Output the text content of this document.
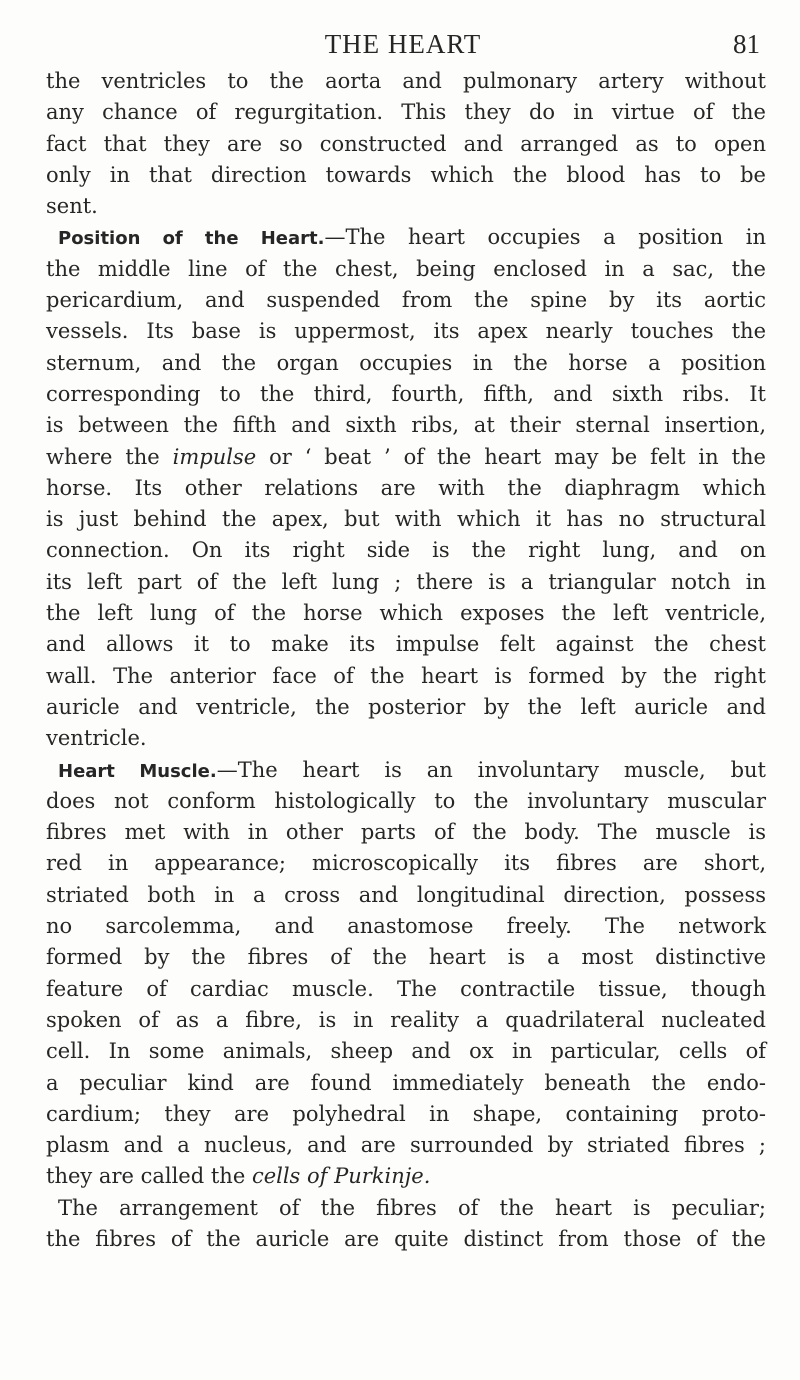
THE HEART	81
the ventricles to the aorta and pulmonary artery without
any chance of regurgitation. This they do in virtue of the
fact that they are so constructed and arranged as to open
only in that direction towards which the blood has to be
sent.
Position of the Heart.—The heart occupies a position in
the middle line of the chest, being enclosed in a sac, the
pericardium, and suspended from the spine by its aortic
vessels. Its base is uppermost, its apex nearly touches the
sternum, and the organ occupies in the horse a position
corresponding to the third, fourth, fifth, and sixth ribs. It
is between the fifth and sixth ribs, at their sternal insertion,
where the impulse or ‘ beat ’ of the heart may be felt in the
horse. Its other relations are with the diaphragm which
is just behind the apex, but with which it has no structural
connection. On its right side is the right lung, and on
its left part of the left lung ; there is a triangular notch in
the left lung of the horse which exposes the left ventricle,
and allows it to make its impulse felt against the chest
wall. The anterior face of the heart is formed by the right
auricle and ventricle, the posterior by the left auricle and
ventricle.
Heart Muscle.—The heart is an involuntary muscle, but
does not conform histologically to the involuntary muscular
fibres met with in other parts of the body. The muscle is
red in appearance; microscopically its fibres are short,
striated both in a cross and longitudinal direction, possess
no sarcolemma, and anastomose freely. The network
formed by the fibres of the heart is a most distinctive
feature of cardiac muscle. The contractile tissue, though
spoken of as a fibre, is in reality a quadrilateral nucleated
cell. In some animals, sheep and ox in particular, cells of
a peculiar kind are found immediately beneath the endo-
cardium; they are polyhedral in shape, containing proto-
plasm and a nucleus, and are surrounded by striated fibres ;
they are called the cells of Purkinje.
The arrangement of the fibres of the heart is peculiar;
the fibres of the auricle are quite distinct from those of the
